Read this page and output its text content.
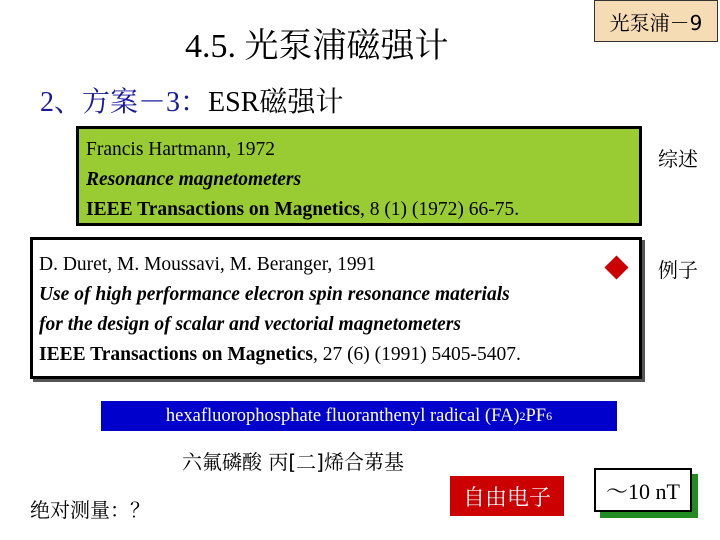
4.5. 光泵浦磁强计
光泵浦－9
2、方案－3：ESR磁强计
Francis Hartmann, 1972
Resonance magnetometers
IEEE Transactions on Magnetics, 8 (1) (1972) 66-75.
综述
D. Duret, M. Moussavi, M. Beranger, 1991
Use of high performance elecron spin resonance materials
for the design of scalar and vectorial magnetometers
IEEE Transactions on Magnetics, 27 (6) (1991) 5405-5407.
例子
hexafluorophosphate fluoranthenyl radical (FA) 2 PF 6
六氟磷酸 丙[二]烯合苐基
绝对测量：？	自由电子	～10 nT
